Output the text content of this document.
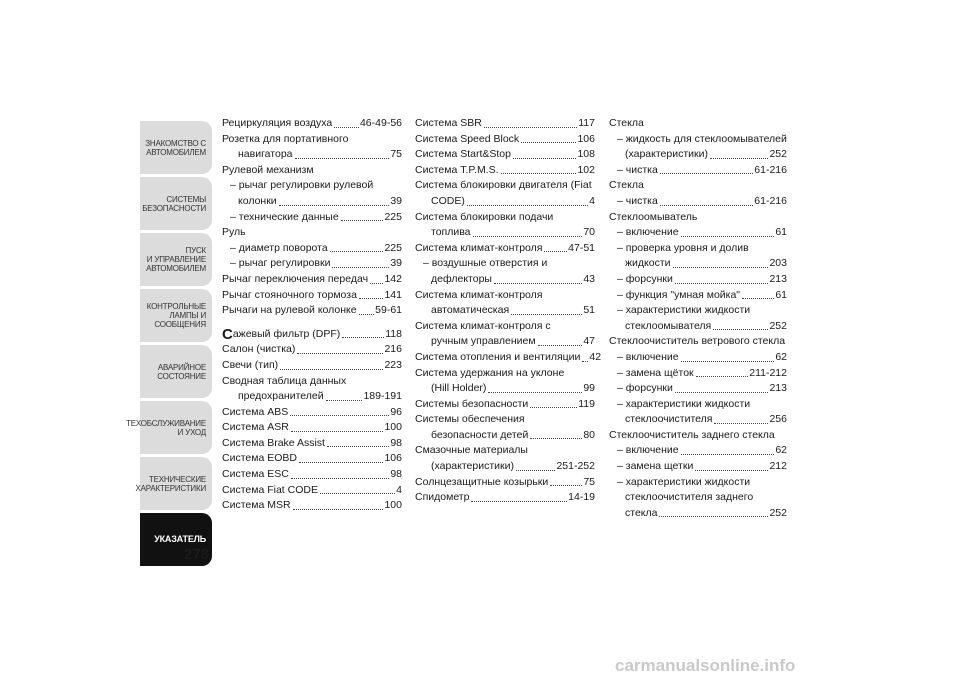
ЗНАКОМСТВО С
АВТОМОБИЛЕМ
СИСТЕМЫ
БЕЗОПАСНОСТИ
ПУСК
И УПРАВЛЕНИЕ
АВТОМОБИЛЕМ
КОНТРОЛЬНЫЕ
ЛАМПЫ И
СООБЩЕНИЯ
АВАРИЙНОЕ
СОСТОЯНИЕ
ТЕХОБСЛУЖИВАНИЕ
И УХОД
ТЕХНИЧЕСКИЕ
ХАРАКТЕРИСТИКИ
УКАЗАТЕЛЬ
278
Рециркуляция воздуха	46-49-56
Розетка для портативного
навигатора	75
Рулевой механизм
– рычаг регулировки рулевой
колонки	39
– технические данные	225
Руль
– диаметр поворота	225
– рычаг регулировки	39
Рычаг переключения передач 142
Рычаг стояночного тормоза	141
Рычаги на рулевой колонке 59-61
С ажевый фильтр (DPF)	118
Салон (чистка)	216
Свечи (тип)	223
Сводная таблица данных
предохранителей	189-191
Система ABS	96
Система ASR	100
Система Brake Assist	98
Система EOBD	106
Система ESC	98
Система Fiat CODE	4
Система MSR	100
Система SBR	117
Система Speed Block	106
Система Start&Stop	108
Система T.P.M.S.	102
Система блокировки двигателя (Fiat
CODE)	4
Система блокировки подачи
топлива	70
Система климат-контроля 47-51
– воздушные отверстия и
дефлекторы	43
Система климат-контроля
автоматическая	51
Система климат-контроля с
ручным управлением	47
Система отопления и вентиляции 42
Система удержания на уклоне
(Hill Holder)	99
Системы безопасности	119
Системы обеспечения
безопасности детей	80
Смазочные материалы
(характеристики)	251-252
Солнцезащитные козырьки	75
Спидометр	14-19
Стекла
– жидкость для стеклоомывателей
(характеристики)	252
– чистка	61-216
Стекла
– чистка	61-216
Стеклоомыватель
– включение	61
– проверка уровня и долив
жидкости	203
– форсунки	213
– функция "умная мойка"	61
– характеристики жидкости
стеклоомывателя	252
Стеклоочиститель ветрового стекла
– включение	62
– замена щёток	211-212
– форсунки	213
– характеристики жидкости
стеклоочистителя	256
Стеклоочиститель заднего стекла
– включение	62
– замена щетки	212
– характеристики жидкости
стеклоочистителя заднего
стекла	252
carmanualsonline.info
